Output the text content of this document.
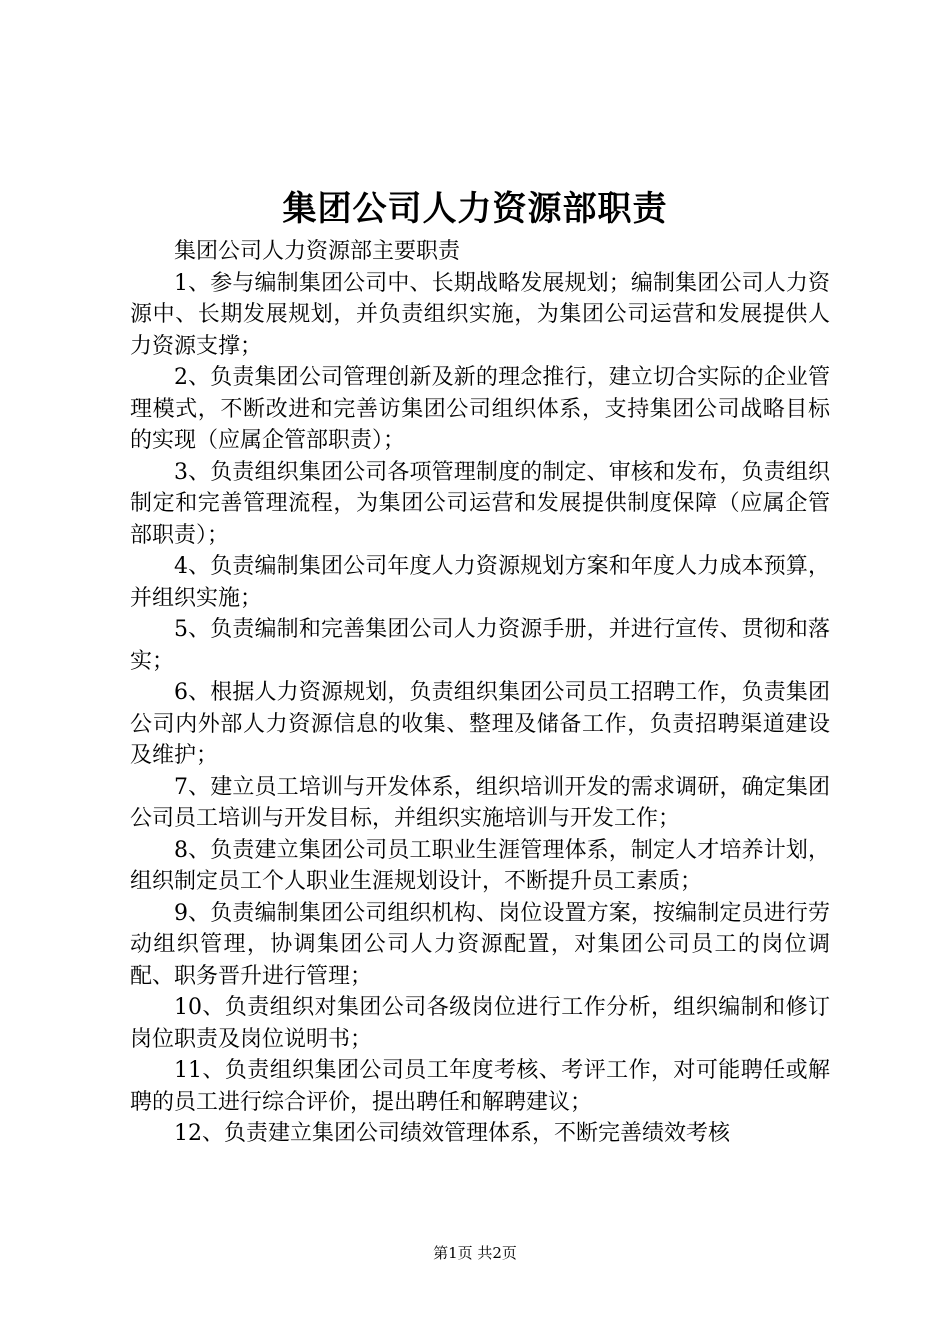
集团公司人力资源部职责

集团公司人力资源部主要职责

1、参与编制集团公司中、长期战略发展规划；编制集团公司人力资源中、长期发展规划，并负责组织实施，为集团公司运营和发展提供人力资源支撑；

2、负责集团公司管理创新及新的理念推行，建立切合实际的企业管理模式，不断改进和完善访集团公司组织体系，支持集团公司战略目标的实现（应属企管部职责）；

3、负责组织集团公司各项管理制度的制定、审核和发布，负责组织制定和完善管理流程，为集团公司运营和发展提供制度保障（应属企管部职责）；

4、负责编制集团公司年度人力资源规划方案和年度人力成本预算，并组织实施；

5、负责编制和完善集团公司人力资源手册，并进行宣传、贯彻和落实；

6、根据人力资源规划，负责组织集团公司员工招聘工作，负责集团公司内外部人力资源信息的收集、整理及储备工作，负责招聘渠道建设及维护；

7、建立员工培训与开发体系，组织培训开发的需求调研，确定集团公司员工培训与开发目标，并组织实施培训与开发工作；

8、负责建立集团公司员工职业生涯管理体系，制定人才培养计划，组织制定员工个人职业生涯规划设计，不断提升员工素质；

9、负责编制集团公司组织机构、岗位设置方案，按编制定员进行劳动组织管理，协调集团公司人力资源配置，对集团公司员工的岗位调配、职务晋升进行管理；

10、负责组织对集团公司各级岗位进行工作分析，组织编制和修订岗位职责及岗位说明书；

11、负责组织集团公司员工年度考核、考评工作，对可能聘任或解聘的员工进行综合评价，提出聘任和解聘建议；

12、负责建立集团公司绩效管理体系，不断完善绩效考核

第1页 共2页
